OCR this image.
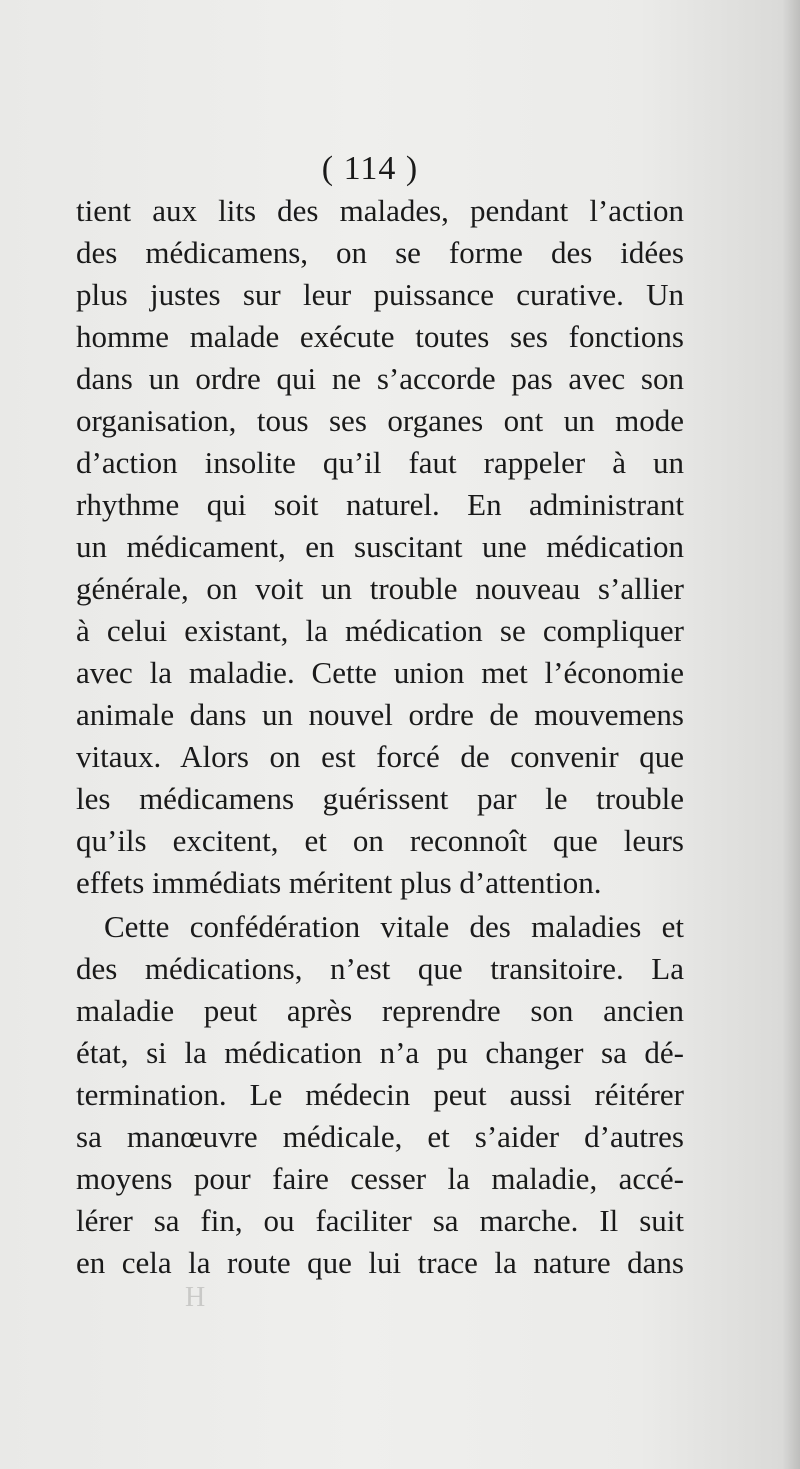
( 114 )
tient aux lits des malades, pendant l’action
des médicamens, on se forme des idées
plus justes sur leur puissance curative. Un
homme malade exécute toutes ses fonctions
dans un ordre qui ne s’accorde pas avec son
organisation, tous ses organes ont un mode
d’action insolite qu’il faut rappeler à un
rhythme qui soit naturel. En administrant
un médicament, en suscitant une médication
générale, on voit un trouble nouveau s’allier
à celui existant, la médication se compliquer
avec la maladie. Cette union met l’économie
animale dans un nouvel ordre de mouvemens
vitaux. Alors on est forcé de convenir que
les médicamens guérissent par le trouble
qu’ils excitent, et on reconnoît que leurs
effets immédiats méritent plus d’attention.
Cette confédération vitale des maladies et
des médications, n’est que transitoire. La
maladie peut après reprendre son ancien
état, si la médication n’a pu changer sa dé-
termination. Le médecin peut aussi réitérer
sa manœuvre médicale, et s’aider d’autres
moyens pour faire cesser la maladie, accé-
lérer sa fin, ou faciliter sa marche. Il suit
en cela la route que lui trace la nature dans
H
